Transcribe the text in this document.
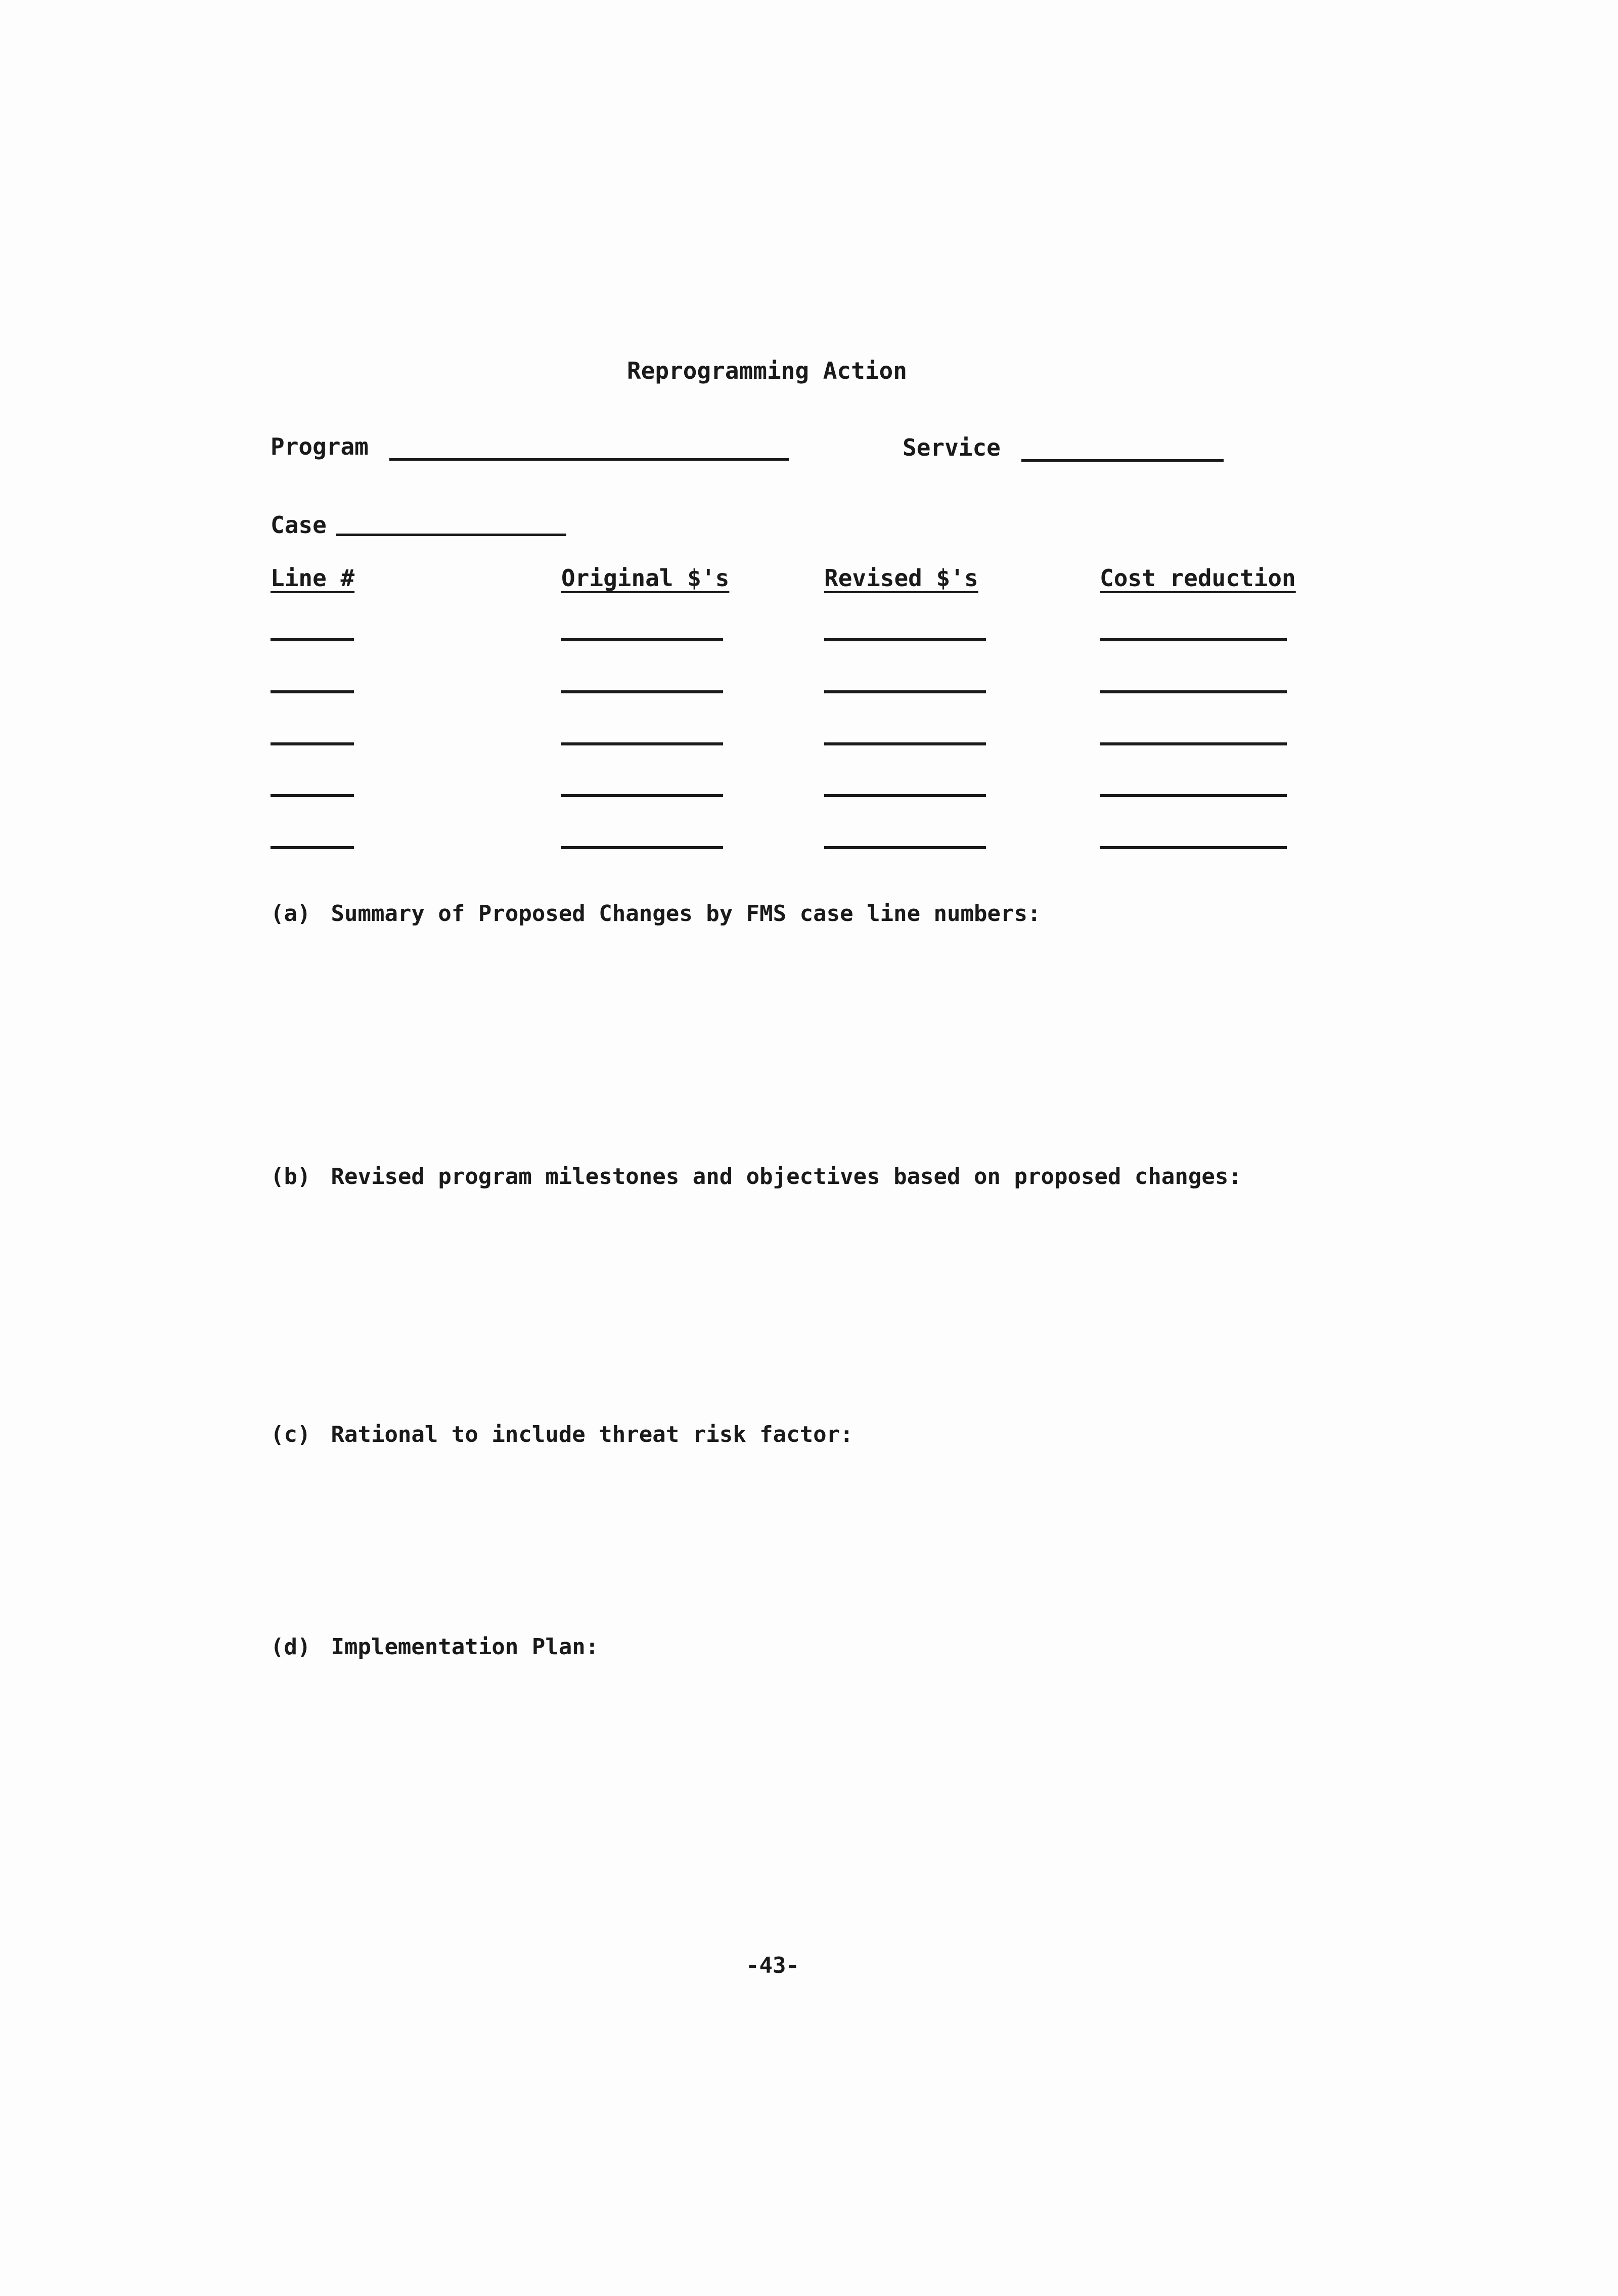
Reprogramming Action
Program	Service
Case
Line #	Original $'s	Revised $'s	Cost reduction
(a) Summary of Proposed Changes by FMS case line numbers:
(b) Revised program milestones and objectives based on proposed changes:
(c) Rational to include threat risk factor:
(d) Implementation Plan:
-43-
